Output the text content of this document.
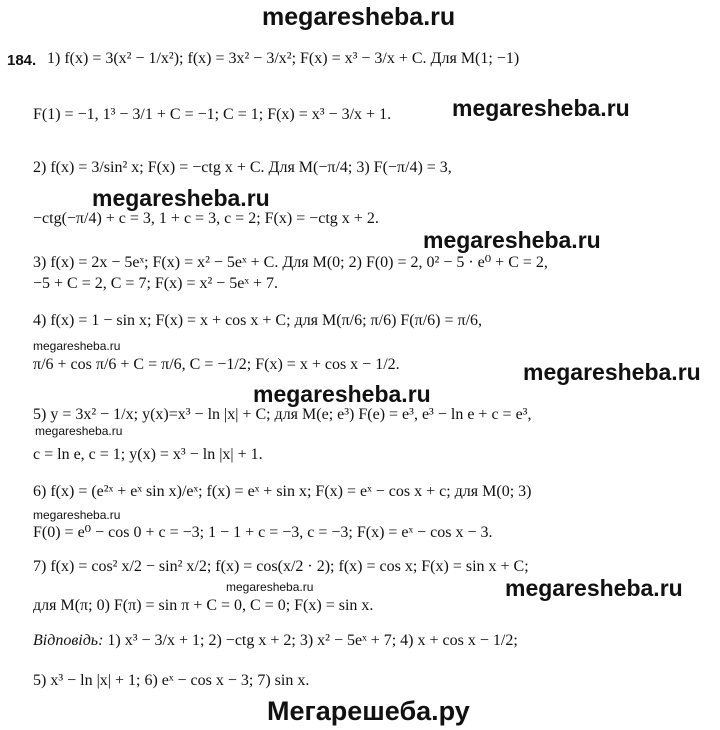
megaresheba.ru
megaresheba.ru
megaresheba.ru
megaresheba.ru
megaresheba.ru
megaresheba.ru
megaresheba.ru
megaresheba.ru
megaresheba.ru
megaresheba.ru	megaresheba.ru
Мегарешеба.ру
184. 1) f(x) = 3(x² − 1/x²); f(x) = 3x² − 3/x²; F(x) = x³ − 3/x + C. Для M(1; −1)
F(1) = −1, 1³ − 3/1 + C = −1; C = 1; F(x) = x³ − 3/x + 1.
2) f(x) = 3/sin² x; F(x) = −ctg x + C. Для M(−π/4; 3) F(−π/4) = 3,
−ctg(−π/4) + c = 3, 1 + c = 3, c = 2; F(x) = −ctg x + 2.
3) f(x) = 2x − 5eˣ; F(x) = x² − 5eˣ + C. Для M(0; 2) F(0) = 2, 0² − 5 · e⁰ + C = 2,
−5 + C = 2, C = 7; F(x) = x² − 5eˣ + 7.
4) f(x) = 1 − sin x; F(x) = x + cos x + C; для M(π/6; π/6) F(π/6) = π/6,
π/6 + cos π/6 + C = π/6, C = −1/2; F(x) = x + cos x − 1/2.
5) y = 3x² − 1/x; y(x)=x³ − ln |x| + C; для M(e; e³) F(e) = e³, e³ − ln e + c = e³,
c = ln e, c = 1; y(x) = x³ − ln |x| + 1.
6) f(x) = (e²ˣ + eˣ sin x)/eˣ; f(x) = eˣ + sin x; F(x) = eˣ − cos x + c; для M(0; 3)
F(0) = e⁰ − cos 0 + c = −3; 1 − 1 + c = −3, c = −3; F(x) = eˣ − cos x − 3.
7) f(x) = cos² x/2 − sin² x/2; f(x) = cos(x/2 · 2); f(x) = cos x; F(x) = sin x + C;
для M(π; 0) F(π) = sin π + C = 0, C = 0; F(x) = sin x.
Відповідь: 1) x³ − 3/x + 1; 2) −ctg x + 2; 3) x² − 5eˣ + 7; 4) x + cos x − 1/2;
5) x³ − ln |x| + 1; 6) eˣ − cos x − 3; 7) sin x.
